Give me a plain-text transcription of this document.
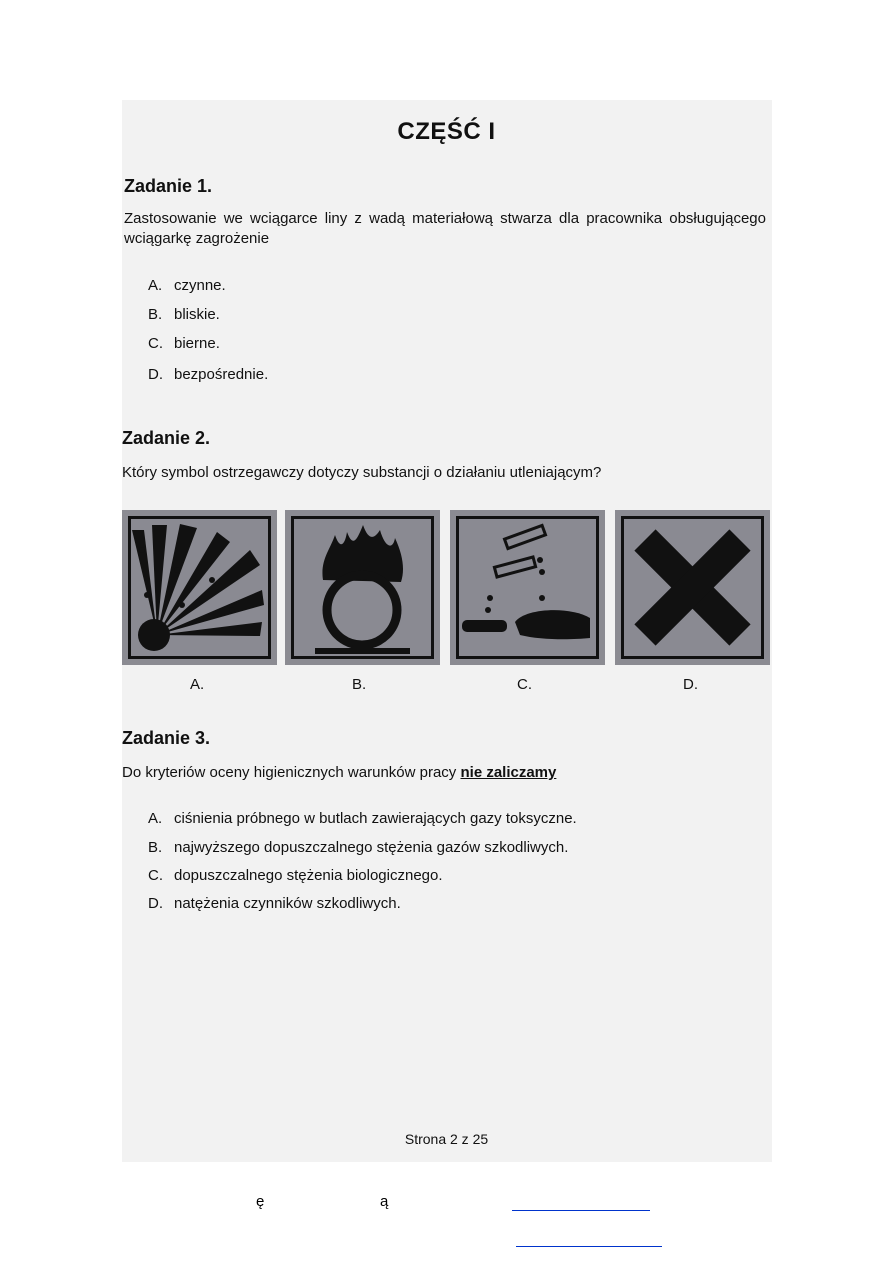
CZĘŚĆ I
Zadanie 1.
Zastosowanie we wciągarce liny z wadą materiałową stwarza dla pracownika obsługującego wciągarkę zagrożenie
A. czynne.
B. bliskie.
C. bierne.
D. bezpośrednie.
Zadanie 2.
Który symbol ostrzegawczy dotyczy substancji o działaniu utleniającym?
A.	B.	C.	D.
Zadanie 3.
Do kryteriów oceny higienicznych warunków pracy nie zaliczamy
A. ciśnienia próbnego w butlach zawierających gazy toksyczne.
B. najwyższego dopuszczalnego stężenia gazów szkodliwych.
C. dopuszczalnego stężenia biologicznego.
D. natężenia czynników szkodliwych.
Strona 2 z 25
ę	ą
